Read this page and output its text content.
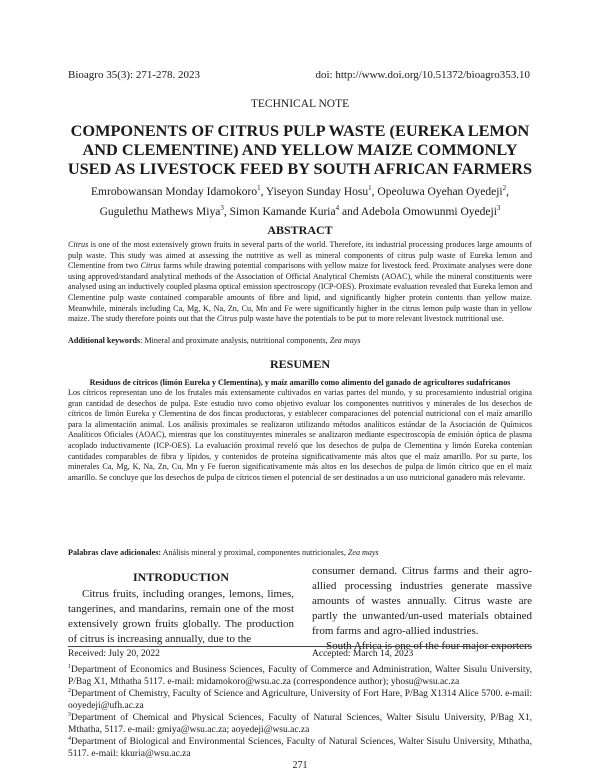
Bioagro 35(3): 271-278. 2023	doi: http://www.doi.org/10.51372/bioagro353.10
TECHNICAL NOTE
COMPONENTS OF CITRUS PULP WASTE (EUREKA LEMON AND CLEMENTINE) AND YELLOW MAIZE COMMONLY USED AS LIVESTOCK FEED BY SOUTH AFRICAN FARMERS
Emrobowansan Monday Idamokoro$^1$, Yiseyon Sunday Hosu$^1$, Opeoluwa Oyehan Oyedeji$^2$,
Gugulethu Mathews Miya$^3$, Simon Kamande Kuria$^4$ and Adebola Omowunmi Oyedeji$^3$
ABSTRACT
Citrus is one of the most extensively grown fruits in several parts of the world. Therefore, its industrial processing produces large amounts of pulp waste. This study was aimed at assessing the nutritive as well as mineral components of citrus pulp waste of Eureka lemon and Clementine from two Citrus farms while drawing potential comparisons with yellow maize for livestock feed. Proximate analyses were done using approved/standard analytical methods of the Association of Official Analytical Chemists (AOAC), while the mineral constituents were analysed using an inductively coupled plasma optical emission spectroscopy (ICP-OES). Proximate evaluation revealed that Eureka lemon and Clementine pulp waste contained comparable amounts of fibre and lipid, and significantly higher protein contents than yellow maize. Meanwhile, minerals including Ca, Mg, K, Na, Zn, Cu, Mn and Fe were significantly higher in the citrus lemon pulp waste than in yellow maize. The study therefore points out that the Citrus pulp waste have the potentials to be put to more relevant livestock nutritional use.
Additional keywords: Mineral and proximate analysis, nutritional components, Zea mays
RESUMEN
Residuos de cítricos (limón Eureka y Clementina), y maíz amarillo como alimento del ganado de agricultores sudafricanos
Los cítricos representan uno de los frutales más extensamente cultivados en varias partes del mundo, y su procesamiento industrial origina gran cantidad de desechos de pulpa. Este estudio tuvo como objetivo evaluar los componentes nutritivos y minerales de los desechos de cítricos de limón Eureka y Clementina de dos fincas productoras, y establecer comparaciones del potencial nutricional con el maíz amarillo para la alimentación animal. Los análisis proximales se realizaron utilizando métodos analíticos estándar de la Asociación de Químicos Analíticos Oficiales (AOAC), mientras que los constituyentes minerales se analizaron mediante espectroscopía de emisión óptica de plasma acoplado inductivamente (ICP-OES). La evaluación proximal reveló que los desechos de pulpa de Clementina y limón Eureka contenían cantidades comparables de fibra y lípidos, y contenidos de proteína significativamente más altos que el maíz amarillo. Por su parte, los minerales Ca, Mg, K, Na, Zn, Cu, Mn y Fe fueron significativamente más altos en los desechos de pulpa de limón cítrico que en el maíz amarillo. Se concluye que los desechos de pulpa de cítricos tienen el potencial de ser destinados a un uso nutricional ganadero más relevante.
Palabras clave adicionales: Análisis mineral y proximal, componentes nutricionales, Zea mays
INTRODUCTION
Citrus fruits, including oranges, lemons, limes, tangerines, and mandarins, remain one of the most extensively grown fruits globally. The production of citrus is increasing annually, due to the
consumer demand. Citrus farms and their agro-allied processing industries generate massive amounts of wastes annually. Citrus waste are partly the unwanted/un-used materials obtained from farms and agro-allied industries.
South Africa is one of the four major exporters
Received: July 20, 2022	Accepted: March 14, 2023
$^1$Department of Economics and Business Sciences, Faculty of Commerce and Administration, Walter Sisulu University, P/Bag X1, Mthatha 5117. e-mail: midamokoro@wsu.ac.za (correspondence author); yhosu@wsu.ac.za
$^2$Department of Chemistry, Faculty of Science and Agriculture, University of Fort Hare, P/Bag X1314 Alice 5700. e-mail: ooyedeji@ufh.ac.za
$^3$Department of Chemical and Physical Sciences, Faculty of Natural Sciences, Walter Sisulu University, P/Bag X1, Mthatha, 5117. e-mail: gmiya@wsu.ac.za; aoyedeji@wsu.ac.za
$^4$Department of Biological and Environmental Sciences, Faculty of Natural Sciences, Walter Sisulu University, Mthatha, 5117. e-mail: kkuria@wsu.ac.za
271
